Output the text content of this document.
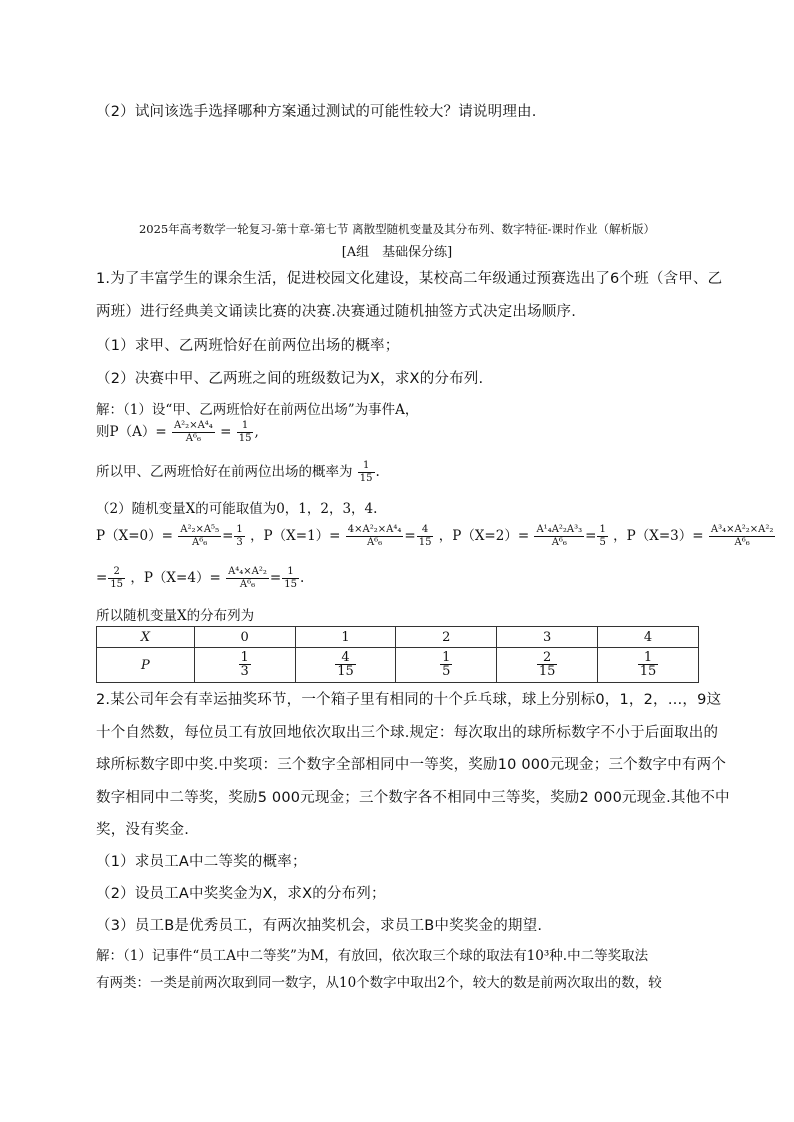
（2）试问该选手选择哪种方案通过测试的可能性较大？请说明理由.
2025年高考数学一轮复习-第十章-第七节 离散型随机变量及其分布列、数字特征-课时作业（解析版）
[A组　基础保分练]
1.为了丰富学生的课余生活，促进校园文化建设，某校高二年级通过预赛选出了6个班（含甲、乙
两班）进行经典美文诵读比赛的决赛.决赛通过随机抽签方式决定出场顺序.
（1）求甲、乙两班恰好在前两位出场的概率；
（2）决赛中甲、乙两班之间的班级数记为X，求X的分布列.
解：（1）设“甲、乙两班恰好在前两位出场”为事件A，
则$P(A)= \frac{\text{A²₂×A⁴₄}}{\text{A⁶₆}} = \frac{1}{15}$ ,
所以甲、乙两班恰好在前两位出场的概率为 $\frac{1}{15}$ .
（2）随机变量X的可能取值为0，1，2，3，4.
$P(X=0)= \frac{\text{A²₂×A⁵₅}}{\text{A⁶₆}} = \frac{1}{3}$ ，$P(X=1)= \frac{\text{4×A²₂×A⁴₄}}{\text{A⁶₆}} = \frac{4}{15}$ ，$P(X=2)= \frac{\text{A¹₄A²₂A³₃}}{\text{A⁶₆}} = \frac{1}{5}$ ，$P(X=3)= \frac{\text{A³₄×A²₂×A²₂}}{\text{A⁶₆}}$
= $\frac{2}{15}$ ，$P(X=4)= \frac{\text{A⁴₄×A²₂}}{\text{A⁶₆}} = \frac{1}{15}$ .
所以随机变量X的分布列为
X	0	1	2	3	4
P	$\frac{1}{3}$	$\frac{4}{15}$	$\frac{1}{5}$	$\frac{2}{15}$	$\frac{1}{15}$
2.某公司年会有幸运抽奖环节，一个箱子里有相同的十个乒乓球，球上分别标0，1，2，…，9这
十个自然数，每位员工有放回地依次取出三个球.规定：每次取出的球所标数字不小于后面取出的
球所标数字即中奖.中奖项：三个数字全部相同中一等奖，奖励10 000元现金；三个数字中有两个
数字相同中二等奖，奖励5 000元现金；三个数字各不相同中三等奖，奖励2 000元现金.其他不中
奖，没有奖金.
（1）求员工A中二等奖的概率；
（2）设员工A中奖奖金为X，求X的分布列；
（3）员工B是优秀员工，有两次抽奖机会，求员工B中奖奖金的期望.
解：（1）记事件“员工A中二等奖”为M，有放回，依次取三个球的取法有10³种.中二等奖取法
有两类：一类是前两次取到同一数字，从10个数字中取出2个，较大的数是前两次取出的数，较
